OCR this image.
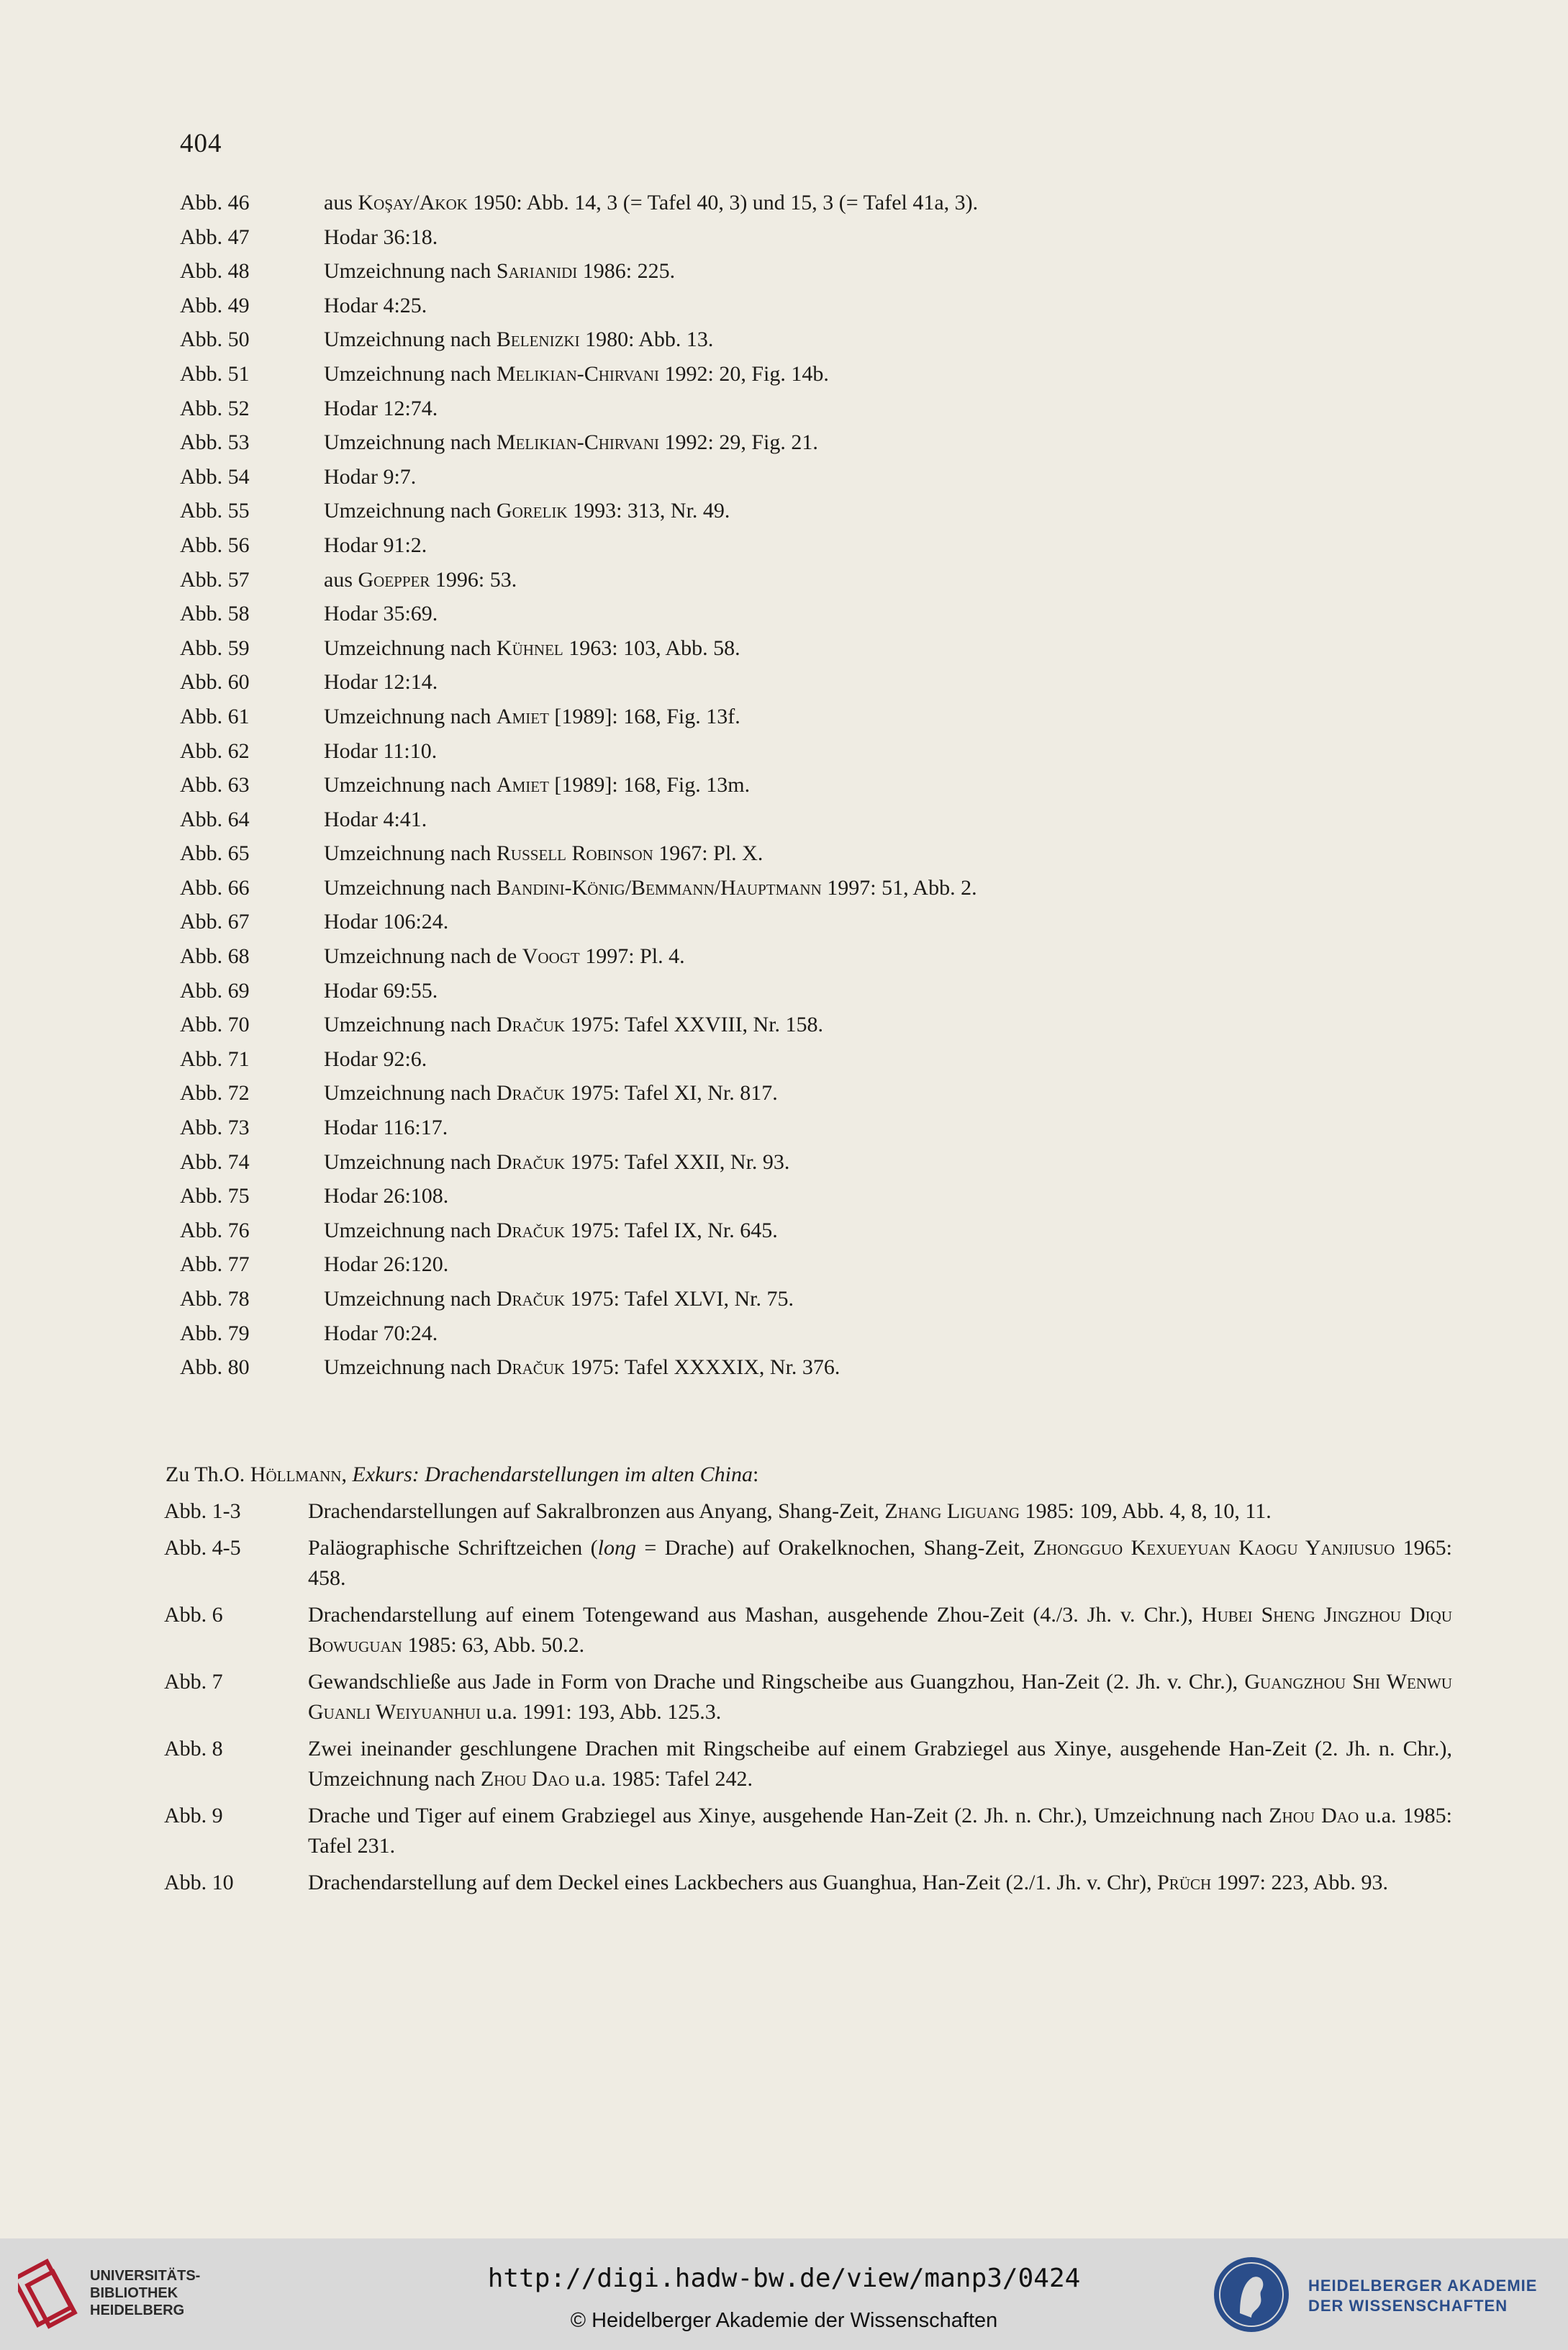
404
Abb. 46	aus Koşay/Akok 1950: Abb. 14, 3 (= Tafel 40, 3) und 15, 3 (= Tafel 41a, 3).
Abb. 47	Hodar 36:18.
Abb. 48	Umzeichnung nach Sarianidi 1986: 225.
Abb. 49	Hodar 4:25.
Abb. 50	Umzeichnung nach Belenizki 1980: Abb. 13.
Abb. 51	Umzeichnung nach Melikian-Chirvani 1992: 20, Fig. 14b.
Abb. 52	Hodar 12:74.
Abb. 53	Umzeichnung nach Melikian-Chirvani 1992: 29, Fig. 21.
Abb. 54	Hodar 9:7.
Abb. 55	Umzeichnung nach Gorelik 1993: 313, Nr. 49.
Abb. 56	Hodar 91:2.
Abb. 57	aus Goepper 1996: 53.
Abb. 58	Hodar 35:69.
Abb. 59	Umzeichnung nach Kühnel 1963: 103, Abb. 58.
Abb. 60	Hodar 12:14.
Abb. 61	Umzeichnung nach Amiet [1989]: 168, Fig. 13f.
Abb. 62	Hodar 11:10.
Abb. 63	Umzeichnung nach Amiet [1989]: 168, Fig. 13m.
Abb. 64	Hodar 4:41.
Abb. 65	Umzeichnung nach Russell Robinson 1967: Pl. X.
Abb. 66	Umzeichnung nach Bandini-König/Bemmann/Hauptmann 1997: 51, Abb. 2.
Abb. 67	Hodar 106:24.
Abb. 68	Umzeichnung nach de Voogt 1997: Pl. 4.
Abb. 69	Hodar 69:55.
Abb. 70	Umzeichnung nach Dračuk 1975: Tafel XXVIII, Nr. 158.
Abb. 71	Hodar 92:6.
Abb. 72	Umzeichnung nach Dračuk 1975: Tafel XI, Nr. 817.
Abb. 73	Hodar 116:17.
Abb. 74	Umzeichnung nach Dračuk 1975: Tafel XXII, Nr. 93.
Abb. 75	Hodar 26:108.
Abb. 76	Umzeichnung nach Dračuk 1975: Tafel IX, Nr. 645.
Abb. 77	Hodar 26:120.
Abb. 78	Umzeichnung nach Dračuk 1975: Tafel XLVI, Nr. 75.
Abb. 79	Hodar 70:24.
Abb. 80	Umzeichnung nach Dračuk 1975: Tafel XXXXIX, Nr. 376.
Zu Th.O. Höllmann, Exkurs: Drachendarstellungen im alten China:
Abb. 1-3	Drachendarstellungen auf Sakralbronzen aus Anyang, Shang-Zeit, Zhang Liguang 1985: 109, Abb. 4, 8, 10, 11.
Abb. 4-5	Paläographische Schriftzeichen (long = Drache) auf Orakelknochen, Shang-Zeit, Zhongguo Kexueyuan Kaogu Yanjiusuo 1965: 458.
Abb. 6	Drachendarstellung auf einem Totengewand aus Mashan, ausgehende Zhou-Zeit (4./3. Jh. v. Chr.), Hubei Sheng Jingzhou Diqu Bowuguan 1985: 63, Abb. 50.2.
Abb. 7	Gewandschließe aus Jade in Form von Drache und Ringscheibe aus Guangzhou, Han-Zeit (2. Jh. v. Chr.), Guangzhou Shi Wenwu Guanli Weiyuanhui u.a. 1991: 193, Abb. 125.3.
Abb. 8	Zwei ineinander geschlungene Drachen mit Ringscheibe auf einem Grabziegel aus Xinye, ausgehende Han-Zeit (2. Jh. n. Chr.), Umzeichnung nach Zhou Dao u.a. 1985: Tafel 242.
Abb. 9	Drache und Tiger auf einem Grabziegel aus Xinye, ausgehende Han-Zeit (2. Jh. n. Chr.), Umzeichnung nach Zhou Dao u.a. 1985: Tafel 231.
Abb. 10	Drachendarstellung auf dem Deckel eines Lackbechers aus Guanghua, Han-Zeit (2./1. Jh. v. Chr), Prüch 1997: 223, Abb. 93.
UNIVERSITÄTS-
BIBLIOTHEK
HEIDELBERG
http://digi.hadw-bw.de/view/manp3/0424
© Heidelberger Akademie der Wissenschaften
HEIDELBERGER AKADEMIE
DER WISSENSCHAFTEN
